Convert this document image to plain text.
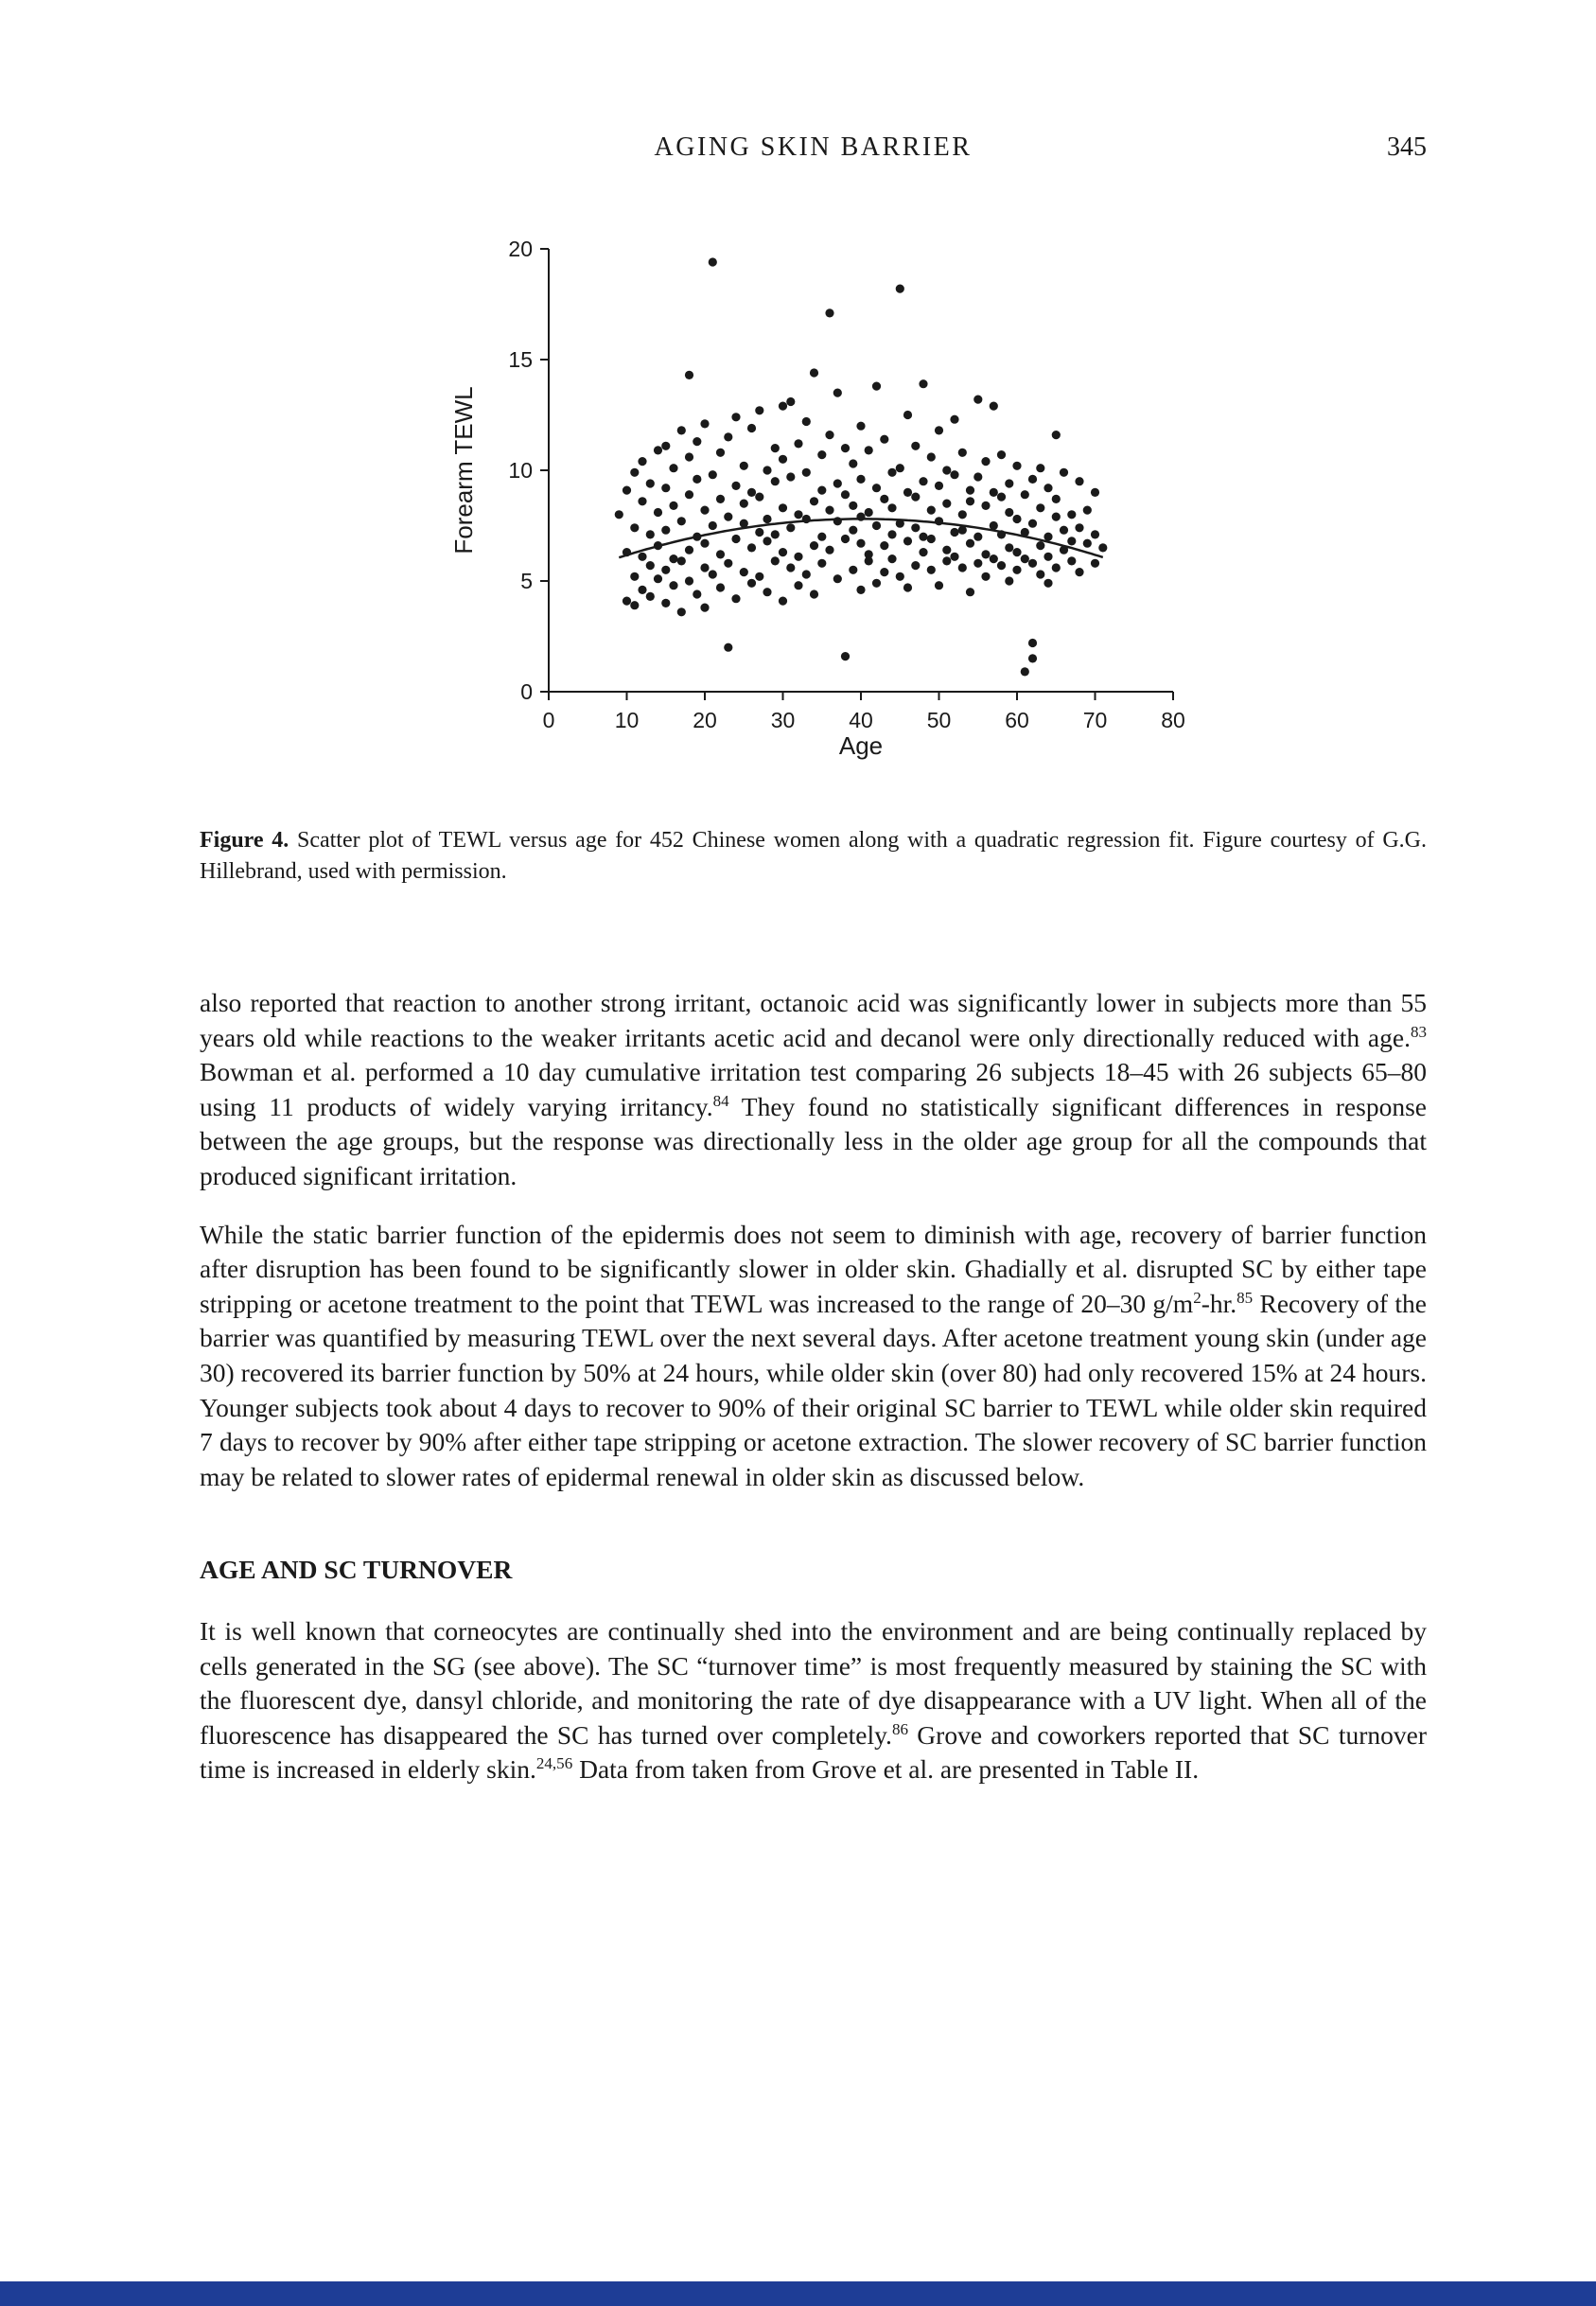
AGING SKIN BARRIER	345
0	10 20 30 40 50 60 70 80
0
5
10
15
20
Age
Forearm TEWL
Figure 4. Scatter plot of TEWL versus age for 452 Chinese women along with a quadratic regression fit. Figure courtesy of G.G. Hillebrand, used with permission.

also reported that reaction to another strong irritant, octanoic acid was significantly lower in subjects more than 55 years old while reactions to the weaker irritants acetic acid and decanol were only directionally reduced with age.$^{83}$ Bowman et al. performed a 10 day cumulative irritation test comparing 26 subjects 18–45 with 26 subjects 65–80 using 11 products of widely varying irritancy.$^{84}$ They found no statistically significant differences in response between the age groups, but the response was directionally less in the older age group for all the compounds that produced significant irritation.

While the static barrier function of the epidermis does not seem to diminish with age, recovery of barrier function after disruption has been found to be significantly slower in older skin. Ghadially et al. disrupted SC by either tape stripping or acetone treatment to the point that TEWL was increased to the range of 20–30 $g/m^2-hr.^{85}$ Recovery of the barrier was quantified by measuring TEWL over the next several days. After acetone treatment young skin (under age 30) recovered its barrier function by 50% at 24 hours, while older skin (over 80) had only recovered 15% at 24 hours. Younger subjects took about 4 days to recover to 90% of their original SC barrier to TEWL while older skin required 7 days to recover by 90% after either tape stripping or acetone extraction. The slower recovery of SC barrier function may be related to slower rates of epidermal renewal in older skin as discussed below.

AGE AND SC TURNOVER

It is well known that corneocytes are continually shed into the environment and are being continually replaced by cells generated in the SG (see above). The SC “turnover time” is most frequently measured by staining the SC with the fluorescent dye, dansyl chloride, and monitoring the rate of dye disappearance with a UV light. When all of the fluorescence has disappeared the SC has turned over completely.$^{86}$ Grove and coworkers reported that SC turnover time is increased in elderly skin.$^{24,56}$ Data from taken from Grove et al. are presented in Table II.
